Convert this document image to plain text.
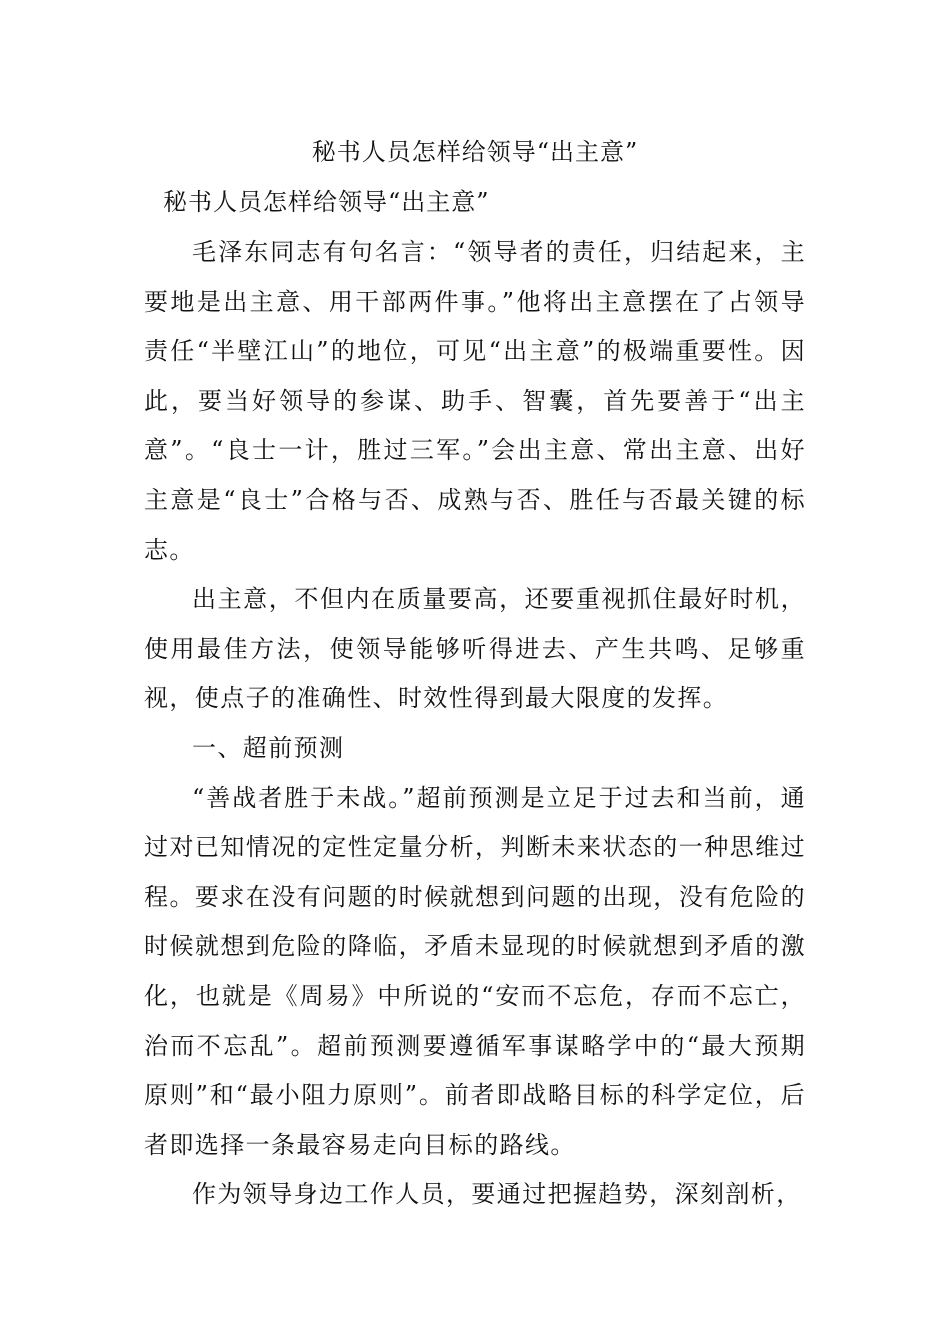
秘书人员怎样给领导“出主意”
秘书人员怎样给领导“出主意”

毛泽东同志有句名言：“领导者的责任，归结起来，主要地是出主意、用干部两件事。”他将出主意摆在了占领导责任“半壁江山”的地位，可见“出主意”的极端重要性。因此，要当好领导的参谋、助手、智囊，首先要善于“出主意”。“良士一计，胜过三军。”会出主意、常出主意、出好主意是“良士”合格与否、成熟与否、胜任与否最关键的标志。

出主意，不但内在质量要高，还要重视抓住最好时机，使用最佳方法，使领导能够听得进去、产生共鸣、足够重视，使点子的准确性、时效性得到最大限度的发挥。

一、超前预测

“善战者胜于未战。”超前预测是立足于过去和当前，通过对已知情况的定性定量分析，判断未来状态的一种思维过程。要求在没有问题的时候就想到问题的出现，没有危险的时候就想到危险的降临，矛盾未显现的时候就想到矛盾的激化，也就是《周易》中所说的“安而不忘危，存而不忘亡，治而不忘乱”。超前预测要遵循军事谋略学中的“最大预期原则”和“最小阻力原则”。前者即战略目标的科学定位，后者即选择一条最容易走向目标的路线。

作为领导身边工作人员，要通过把握趋势，深刻剖析，
